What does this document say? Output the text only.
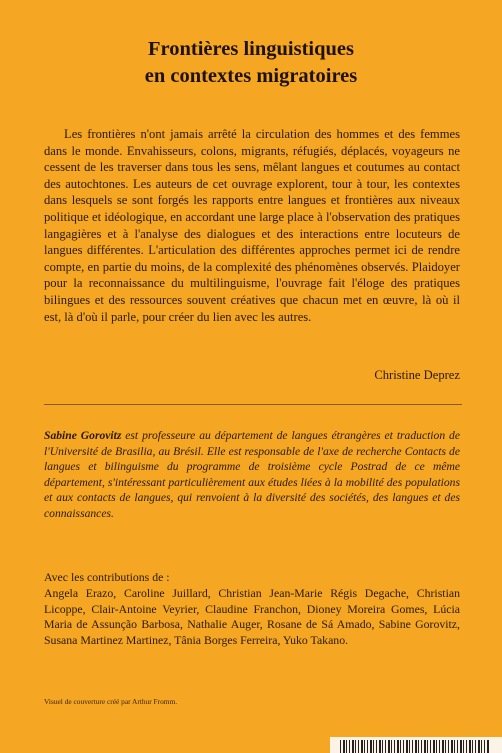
Frontières linguistiques
en contextes migratoires
Les frontières n'ont jamais arrêté la circulation des hommes et des femmes dans le monde. Envahisseurs, colons, migrants, réfugiés, déplacés, voyageurs ne cessent de les traverser dans tous les sens, mêlant langues et coutumes au contact des autochtones. Les auteurs de cet ouvrage explorent, tour à tour, les contextes dans lesquels se sont forgés les rapports entre langues et frontières aux niveaux politique et idéologique, en accordant une large place à l'observation des pratiques langagières et à l'analyse des dialogues et des interactions entre locuteurs de langues différentes. L'articulation des différentes approches permet ici de rendre compte, en partie du moins, de la complexité des phénomènes observés. Plaidoyer pour la reconnaissance du multilinguisme, l'ouvrage fait l'éloge des pratiques bilingues et des ressources souvent créatives que chacun met en œuvre, là où il est, là d'où il parle, pour créer du lien avec les autres.
Christine Deprez
Sabine Gorovitz est professeure au département de langues étrangères et traduction de l'Université de Brasilia, au Brésil. Elle est responsable de l'axe de recherche Contacts de langues et bilinguisme du programme de troisième cycle Postrad de ce même département, s'intéressant particulièrement aux études liées à la mobilité des populations et aux contacts de langues, qui renvoient à la diversité des sociétés, des langues et des connaissances.
Avec les contributions de :
Angela Erazo, Caroline Juillard, Christian Jean-Marie Régis Degache, Christian Licoppe, Clair-Antoine Veyrier, Claudine Franchon, Dioney Moreira Gomes, Lúcia Maria de Assunção Barbosa, Nathalie Auger, Rosane de Sá Amado, Sabine Gorovitz, Susana Martinez Martinez, Tânia Borges Ferreira, Yuko Takano.
Visuel de couverture créé par Arthur Fromm.
